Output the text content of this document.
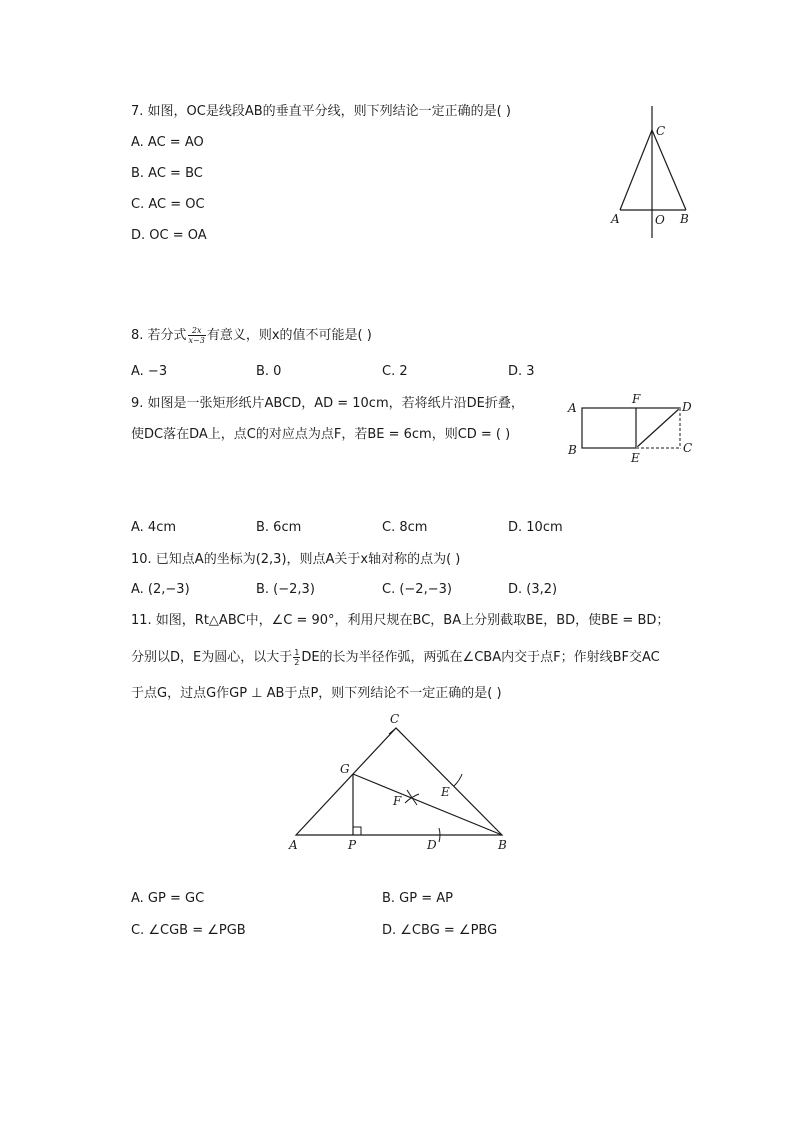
7. 如图，OC是线段AB的垂直平分线，则下列结论一定正确的是( )
A. AC = AO
B. AC = BC
C. AC = OC
D. OC = OA
C
A	O B
8. 若分式 $\frac{2x}{x-3}$ 有意义，则x的值不可能是( )
A. −3	B. 0	C. 2	D. 3
9. 如图是一张矩形纸片ABCD，AD = 10cm，若将纸片沿DE折叠，
使DC落在DA上，点C的对应点为点F，若BE = 6cm，则CD = ( )
A
F
D
B
E
C
A. 4cm	B. 6cm	C. 8cm	D. 10cm
10. 已知点A的坐标为(2,3)，则点A关于x轴对称的点为( )
A. (2,−3)	B. (−2,3)	C. (−2,−3)	D. (3,2)
11. 如图，Rt△ABC中，∠C = 90°，利用尺规在BC，BA上分别截取BE，BD，使BE = BD；
分别以D，E为圆心，以大于 $\frac{1}{2}$ DE的长为半径作弧，两弧在∠CBA内交于点F；作射线BF交AC
于点G，过点G作GP ⊥ AB于点P，则下列结论不一定正确的是( )
C
G
E
F
A	P	D	B
A. GP = GC	B. GP = AP
C. ∠CGB = ∠PGB	D. ∠CBG = ∠PBG
